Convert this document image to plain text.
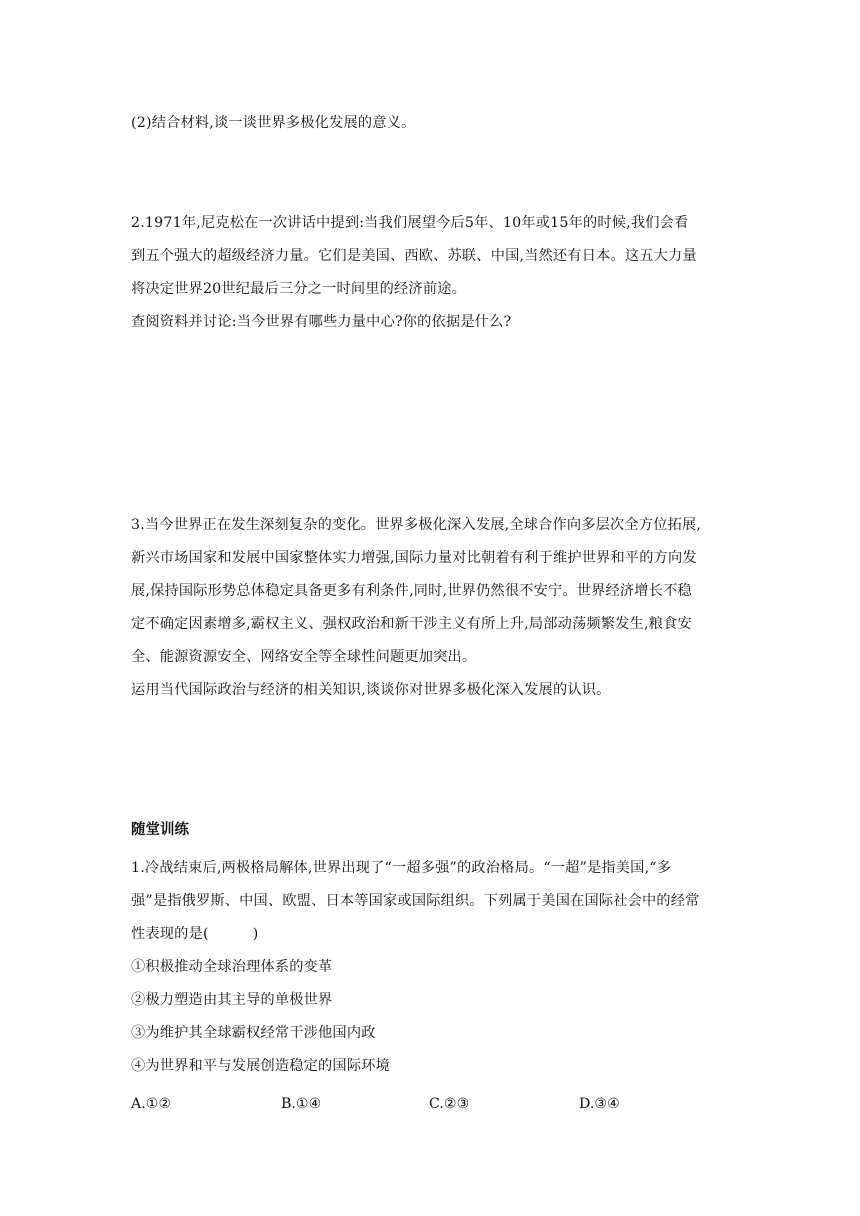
(2)结合材料,谈一谈世界多极化发展的意义。

2.1971年,尼克松在一次讲话中提到:当我们展望今后5年、10年或15年的时候,我们会看
到五个强大的超级经济力量。它们是美国、西欧、苏联、中国,当然还有日本。这五大力量
将决定世界20世纪最后三分之一时间里的经济前途。
查阅资料并讨论:当今世界有哪些力量中心?你的依据是什么?

3.当今世界正在发生深刻复杂的变化。世界多极化深入发展,全球合作向多层次全方位拓展,
新兴市场国家和发展中国家整体实力增强,国际力量对比朝着有利于维护世界和平的方向发
展,保持国际形势总体稳定具备更多有利条件,同时,世界仍然很不安宁。世界经济增长不稳
定不确定因素增多,霸权主义、强权政治和新干涉主义有所上升,局部动荡频繁发生,粮食安
全、能源资源安全、网络安全等全球性问题更加突出。
运用当代国际政治与经济的相关知识,谈谈你对世界多极化深入发展的认识。

随堂训练

1.冷战结束后,两极格局解体,世界出现了“一超多强”的政治格局。“一超”是指美国,“多
强”是指俄罗斯、中国、欧盟、日本等国家或国际组织。下列属于美国在国际社会中的经常
性表现的是(	)
①积极推动全球治理体系的变革
②极力塑造由其主导的单极世界
③为维护其全球霸权经常干涉他国内政
④为世界和平与发展创造稳定的国际环境

A.①②	B.①④	C.②③	D.③④
